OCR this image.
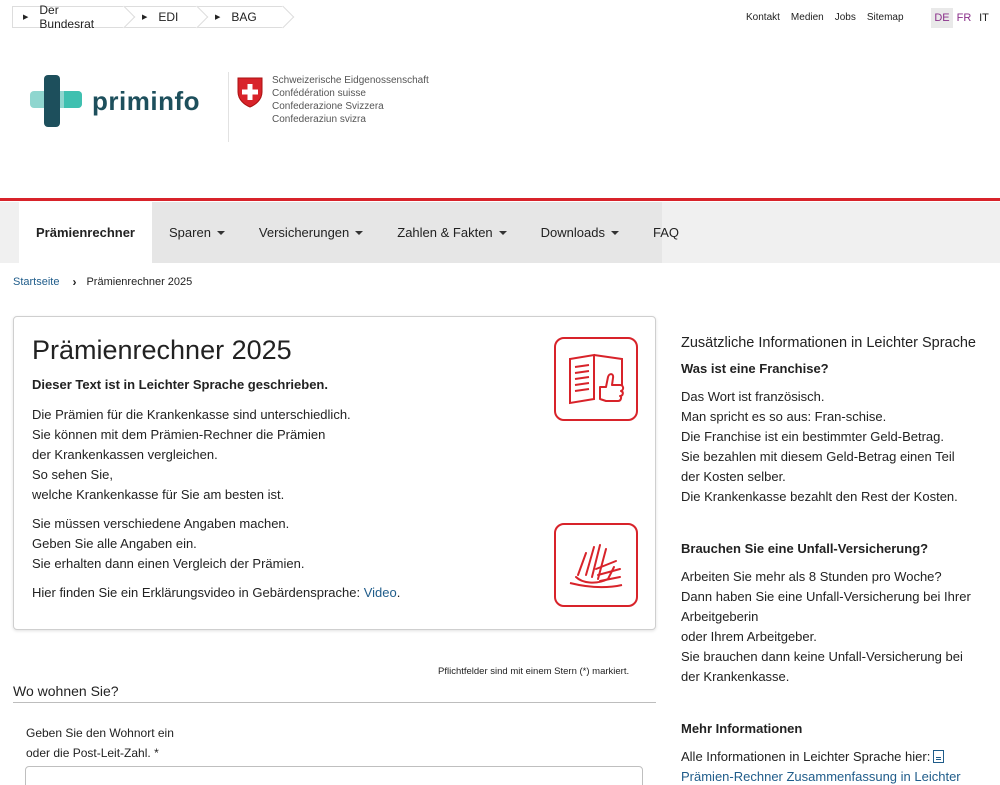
▶
Der Bundesrat	▶ EDI	▶ BAG	Kontakt Medien Jobs Sitemap	DE FR IT
priminfo
Schweizerische Eidgenossenschaft
Confédération suisse
Confederazione Svizzera
Confederaziun svizra
Prämienrechner	Sparen	Versicherungen	Zahlen & Fakten	Downloads	FAQ
Startseite › Prämienrechner 2025
Prämienrechner 2025
Dieser Text ist in Leichter Sprache geschrieben.
Die Prämien für die Krankenkasse sind unterschiedlich.
Sie können mit dem Prämien-Rechner die Prämien
der Krankenkassen vergleichen.
So sehen Sie,
welche Krankenkasse für Sie am besten ist.
Sie müssen verschiedene Angaben machen.
Geben Sie alle Angaben ein.
Sie erhalten dann einen Vergleich der Prämien.
Hier finden Sie ein Erklärungsvideo in Gebärdensprache: Video.
Pflichtfelder sind mit einem Stern (*) markiert.
Wo wohnen Sie?
Geben Sie den Wohnort ein
oder die Post-Leit-Zahl. *
Zusätzliche Informationen in Leichter Sprache
Was ist eine Franchise?
Das Wort ist französisch.
Man spricht es so aus: Fran-schise.
Die Franchise ist ein bestimmter Geld-Betrag.
Sie bezahlen mit diesem Geld-Betrag einen Teil
der Kosten selber.
Die Krankenkasse bezahlt den Rest der Kosten.
Brauchen Sie eine Unfall-Versicherung?
Arbeiten Sie mehr als 8 Stunden pro Woche?
Dann haben Sie eine Unfall-Versicherung bei Ihrer
Arbeitgeberin
oder Ihrem Arbeitgeber.
Sie brauchen dann keine Unfall-Versicherung bei
der Krankenkasse.
Mehr Informationen
Alle Informationen in Leichter Sprache hier:
Prämien-Rechner Zusammenfassung in Leichter
